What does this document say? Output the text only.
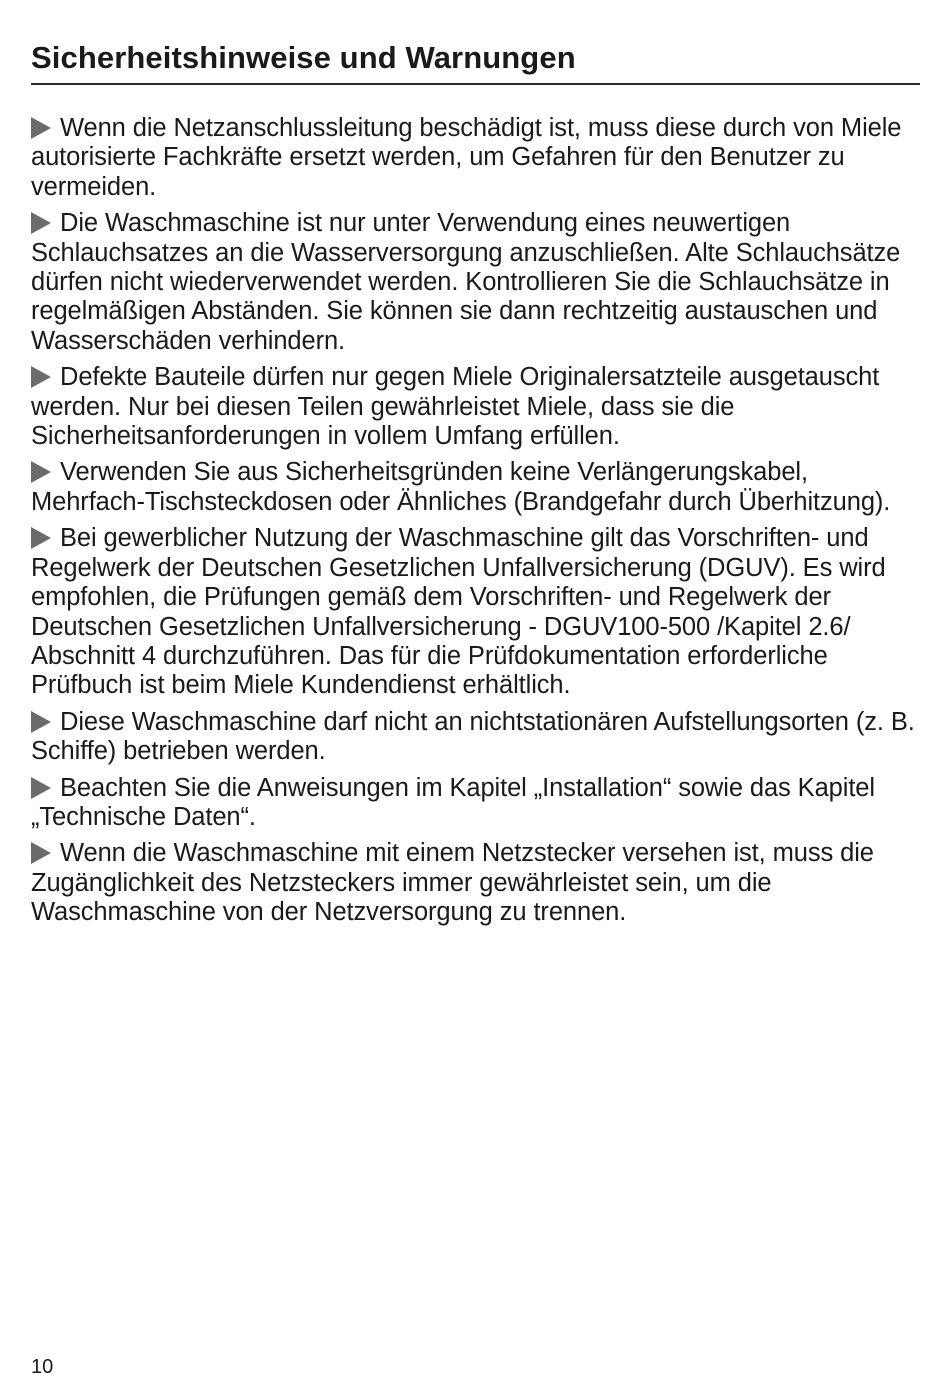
Sicherheitshinweise und Warnungen

Wenn die Netzanschlussleitung beschädigt ist, muss diese durch von Miele autorisierte Fachkräfte ersetzt werden, um Gefahren für den Benutzer zu vermeiden.

Die Waschmaschine ist nur unter Verwendung eines neuwertigen Schlauchsatzes an die Wasserversorgung anzuschließen. Alte Schlauchsätze dürfen nicht wiederverwendet werden. Kontrollieren Sie die Schlauchsätze in regelmäßigen Abständen. Sie können sie dann rechtzeitig austauschen und Wasserschäden verhindern.

Defekte Bauteile dürfen nur gegen Miele Originalersatzteile ausgetauscht werden. Nur bei diesen Teilen gewährleistet Miele, dass sie die Sicherheitsanforderungen in vollem Umfang erfüllen.

Verwenden Sie aus Sicherheitsgründen keine Verlängerungskabel, Mehrfach-Tischsteckdosen oder Ähnliches (Brandgefahr durch Überhitzung).

Bei gewerblicher Nutzung der Waschmaschine gilt das Vorschriften- und Regelwerk der Deutschen Gesetzlichen Unfallversicherung (DGUV). Es wird empfohlen, die Prüfungen gemäß dem Vorschriften- und Regelwerk der Deutschen Gesetzlichen Unfallversicherung - DGUV100-500 /Kapitel 2.6/ Abschnitt 4 durchzuführen. Das für die Prüfdokumentation erforderliche Prüfbuch ist beim Miele Kundendienst erhältlich.

Diese Waschmaschine darf nicht an nichtstationären Aufstellungsorten (z. B. Schiffe) betrieben werden.

Beachten Sie die Anweisungen im Kapitel „Installation“ sowie das Kapitel „Technische Daten“.

Wenn die Waschmaschine mit einem Netzstecker versehen ist, muss die Zugänglichkeit des Netzsteckers immer gewährleistet sein, um die Waschmaschine von der Netzversorgung zu trennen.

10
